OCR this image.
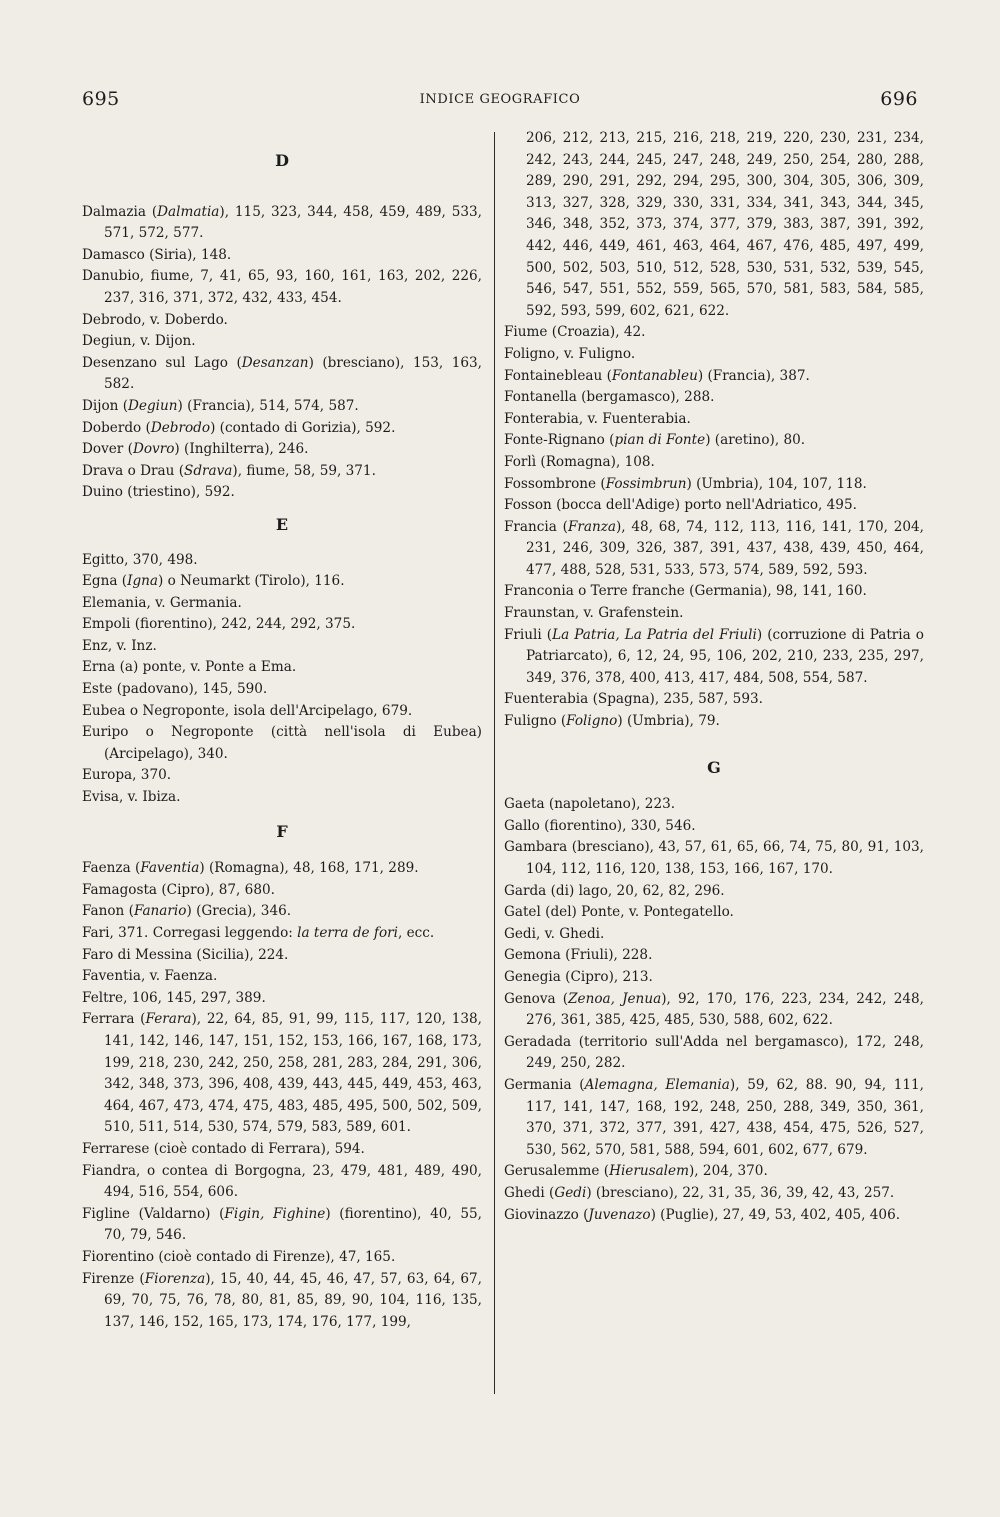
695	INDICE GEOGRAFICO	696
D
Dalmazia (Dalmatia), 115, 323, 344, 458, 459, 489, 533, 571, 572, 577.
Damasco (Siria), 148.
Danubio, fiume, 7, 41, 65, 93, 160, 161, 163, 202, 226, 237, 316, 371, 372, 432, 433, 454.
Debrodo, v. Doberdo.
Degiun, v. Dijon.
Desenzano sul Lago (Desanzan) (bresciano), 153, 163, 582.
Dijon (Degiun) (Francia), 514, 574, 587.
Doberdo (Debrodo) (contado di Gorizia), 592.
Dover (Dovro) (Inghilterra), 246.
Drava o Drau (Sdrava), fiume, 58, 59, 371.
Duino (triestino), 592.
E
Egitto, 370, 498.
Egna (Igna) o Neumarkt (Tirolo), 116.
Elemania, v. Germania.
Empoli (fiorentino), 242, 244, 292, 375.
Enz, v. Inz.
Erna (a) ponte, v. Ponte a Ema.
Este (padovano), 145, 590.
Eubea o Negroponte, isola dell'Arcipelago, 679.
Euripo o Negroponte (città nell'isola di Eubea) (Arcipelago), 340.
Europa, 370.
Evisa, v. Ibiza.
F
Faenza (Faventia) (Romagna), 48, 168, 171, 289.
Famagosta (Cipro), 87, 680.
Fanon (Fanario) (Grecia), 346.
Fari, 371. Corregasi leggendo: la terra de fori, ecc.
Faro di Messina (Sicilia), 224.
Faventia, v. Faenza.
Feltre, 106, 145, 297, 389.
Ferrara (Ferara), 22, 64, 85, 91, 99, 115, 117, 120, 138, 141, 142, 146, 147, 151, 152, 153, 166, 167, 168, 173, 199, 218, 230, 242, 250, 258, 281, 283, 284, 291, 306, 342, 348, 373, 396, 408, 439, 443, 445, 449, 453, 463, 464, 467, 473, 474, 475, 483, 485, 495, 500, 502, 509, 510, 511, 514, 530, 574, 579, 583, 589, 601.
Ferrarese (cioè contado di Ferrara), 594.
Fiandra, o contea di Borgogna, 23, 479, 481, 489, 490, 494, 516, 554, 606.
Figline (Valdarno) (Figin, Fighine) (fiorentino), 40, 55, 70, 79, 546.
Fiorentino (cioè contado di Firenze), 47, 165.
Firenze (Fiorenza), 15, 40, 44, 45, 46, 47, 57, 63, 64, 67, 69, 70, 75, 76, 78, 80, 81, 85, 89, 90, 104, 116, 135, 137, 146, 152, 165, 173, 174, 176, 177, 199,
206, 212, 213, 215, 216, 218, 219, 220, 230, 231, 234, 242, 243, 244, 245, 247, 248, 249, 250, 254, 280, 288, 289, 290, 291, 292, 294, 295, 300, 304, 305, 306, 309, 313, 327, 328, 329, 330, 331, 334, 341, 343, 344, 345, 346, 348, 352, 373, 374, 377, 379, 383, 387, 391, 392, 442, 446, 449, 461, 463, 464, 467, 476, 485, 497, 499, 500, 502, 503, 510, 512, 528, 530, 531, 532, 539, 545, 546, 547, 551, 552, 559, 565, 570, 581, 583, 584, 585, 592, 593, 599, 602, 621, 622.
Fiume (Croazia), 42.
Foligno, v. Fuligno.
Fontainebleau (Fontanableu) (Francia), 387.
Fontanella (bergamasco), 288.
Fonterabia, v. Fuenterabia.
Fonte-Rignano (pian di Fonte) (aretino), 80.
Forlì (Romagna), 108.
Fossombrone (Fossimbrun) (Umbria), 104, 107, 118.
Fosson (bocca dell'Adige) porto nell'Adriatico, 495.
Francia (Franza), 48, 68, 74, 112, 113, 116, 141, 170, 204, 231, 246, 309, 326, 387, 391, 437, 438, 439, 450, 464, 477, 488, 528, 531, 533, 573, 574, 589, 592, 593.
Franconia o Terre franche (Germania), 98, 141, 160.
Fraunstan, v. Grafenstein.
Friuli (La Patria, La Patria del Friuli) (corruzione di Patria o Patriarcato), 6, 12, 24, 95, 106, 202, 210, 233, 235, 297, 349, 376, 378, 400, 413, 417, 484, 508, 554, 587.
Fuenterabia (Spagna), 235, 587, 593.
Fuligno (Foligno) (Umbria), 79.
G
Gaeta (napoletano), 223.
Gallo (fiorentino), 330, 546.
Gambara (bresciano), 43, 57, 61, 65, 66, 74, 75, 80, 91, 103, 104, 112, 116, 120, 138, 153, 166, 167, 170.
Garda (di) lago, 20, 62, 82, 296.
Gatel (del) Ponte, v. Pontegatello.
Gedi, v. Ghedi.
Gemona (Friuli), 228.
Genegia (Cipro), 213.
Genova (Zenoa, Jenua), 92, 170, 176, 223, 234, 242, 248, 276, 361, 385, 425, 485, 530, 588, 602, 622.
Geradada (territorio sull'Adda nel bergamasco), 172, 248, 249, 250, 282.
Germania (Alemagna, Elemania), 59, 62, 88. 90, 94, 111, 117, 141, 147, 168, 192, 248, 250, 288, 349, 350, 361, 370, 371, 372, 377, 391, 427, 438, 454, 475, 526, 527, 530, 562, 570, 581, 588, 594, 601, 602, 677, 679.
Gerusalemme (Hierusalem), 204, 370.
Ghedi (Gedi) (bresciano), 22, 31, 35, 36, 39, 42, 43, 257.
Giovinazzo (Juvenazo) (Puglie), 27, 49, 53, 402, 405, 406.
